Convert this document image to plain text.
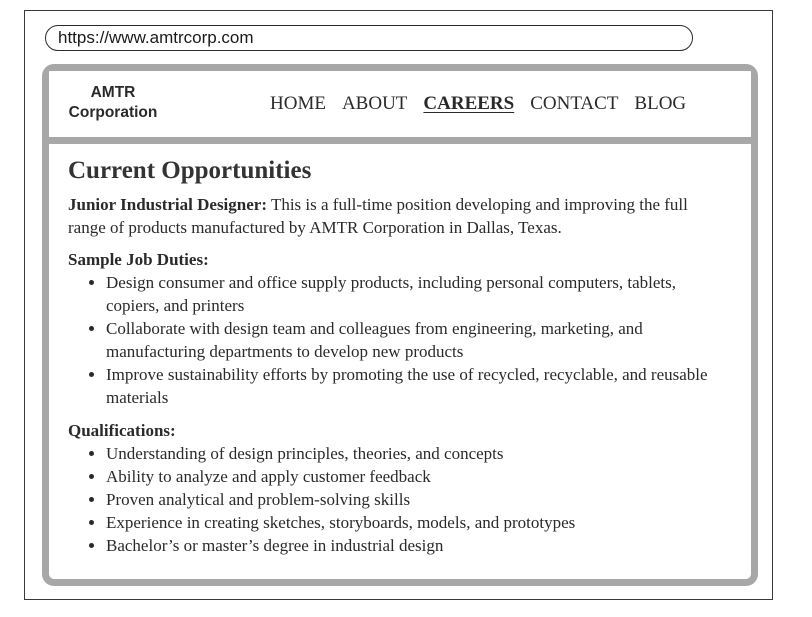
https://www.amtrcorp.com
AMTR
Corporation	HOME ABOUT CAREERS CONTACT BLOG
Current Opportunities

Junior Industrial Designer: This is a full-time position developing and improving the full range of products manufactured by AMTR Corporation in Dallas, Texas.

Sample Job Duties:

• Design consumer and office supply products, including personal computers, tablets, copiers, and printers
• Collaborate with design team and colleagues from engineering, marketing, and manufacturing departments to develop new products
• Improve sustainability efforts by promoting the use of recycled, recyclable, and reusable materials

Qualifications:

• Understanding of design principles, theories, and concepts
• Ability to analyze and apply customer feedback
• Proven analytical and problem-solving skills
• Experience in creating sketches, storyboards, models, and prototypes
• Bachelor’s or master’s degree in industrial design
